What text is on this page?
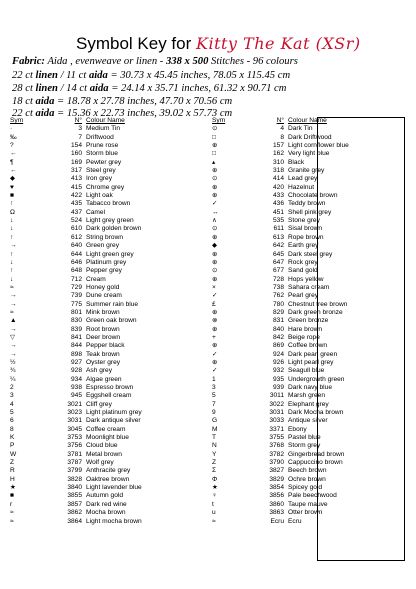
Symbol Key for Kitty The Kat (XSr)
Fabric: Aida , evenweave or linen - 338 x 500 Stitches - 96 colours
22 ct linen / 11 ct aida = 30.73 x 45.45 inches, 78.05 x 115.45 cm
28 ct linen / 14 ct aida = 24.14 x 35.71 inches, 61.32 x 90.71 cm
18 ct aida = 18.78 x 27.78 inches, 47.70 x 70.56 cm
22 ct aida = 15.36 x 22.73 inches, 39.02 x 57.73 cm
Sym	N° Colour Name
·	3 Medium Tin
‰	7 Driftwood
?	154 Prune rose
←	160 Storm blue
¶	169 Pewter grey
←	317 Steel grey
◆	413 Iron grey
♥	415 Chrome grey
■	422 Light oak
↑	435 Tabacco brown
Ω	437 Camel
↓	524 Light grey green
↓	610 Dark golden brown
↑	612 String brown
→	640 Green grey
↑	644 Light green grey
↓	646 Platinum grey
↑	648 Pepper grey
↓	712 Cream
≈	729 Honey gold
→	739 Dune cream
→	775 Summer rain blue
≈	801 Mink brown
▲	830 Green oak brown
→	839 Root brown
▽	841 Deer brown
→	844 Pepper black
→	898 Teak brown
½	927 Oyster grey
¾	928 Ash grey
¼	934 Algae green
2	938 Espresso brown
3	945 Eggshell cream
4	3021 Cliff grey
5	3023 Light platinum grey
6	3031 Dark antique silver
8	3045 Coffee cream
K	3753 Moonlight blue
P	3756 Cloud blue
W	3781 Metal brown
Z	3787 Wolf grey
R	3799 Anthracite grey
H	3828 Oaktree brown
★	3840 Light lavender blue
■	3855 Autumn gold
r	3857 Dark red wine
≈	3862 Mocha brown
≈	3864 Light mocha brown
Sym	N° Colour Name
⊙	4 Dark Tin
□	8 Dark Driftwood
⊕	157 Light cornflower blue
□	162 Very light blue
▴	310 Black
⊕	318 Granite grey
⊙	414 Lead grey
⊕	420 Hazelnut
⊕	433 Chocolate brown
✓	436 Teddy brown
↔	451 Shell pink grey
∧	535 Stone grey
⊙	611 Sisal brown
⊕	613 Rope brown
◆	642 Earth grey
⊕	645 Dark steel grey
⊕	647 Rock grey
⊙	677 Sand gold
⊕	728 Hops yellow
×	738 Sahara cream
✓	762 Pearl grey
£	780 Chestnut tree brown
⊕	829 Dark green bronze
⊗	831 Green bronze
⊕	840 Hare brown
+	842 Beige rope
⊕	869 Coffee brown
✓	924 Dark pearl green
⊕	926 Light pearl grey
✓	932 Seagull blue
1	935 Undergrowth green
3	939 Dark navy blue
5	3011 Marsh green
7	3022 Elephant grey
9	3031 Dark Mocha brown
G	3033 Antique silver
M	3371 Ebony
T	3755 Pastel blue
N	3768 Storm grey
Y	3782 Gingerbread brown
Z	3790 Cappuccino brown
Σ	3827 Beech brown
Φ	3829 Ochre brown
★	3854 Spicey gold
♀	3856 Pale beechwood
t	3860 Taupe mauve
u	3863 Otter brown
≈	Ecru Ecru
